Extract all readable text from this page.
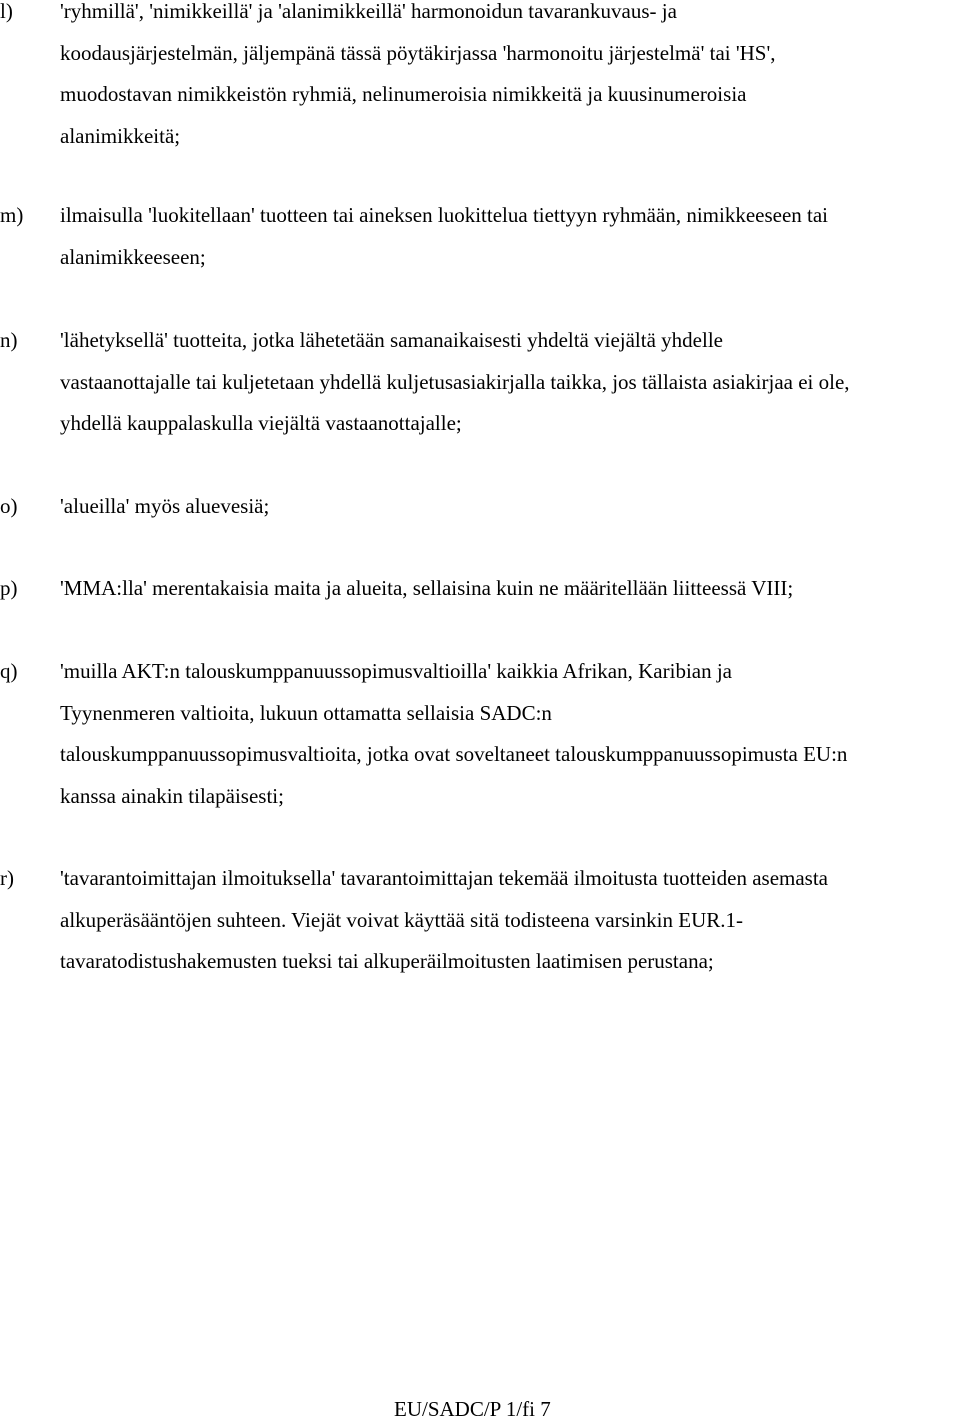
l)	'ryhmillä', 'nimikkeillä' ja 'alanimikkeillä' harmonoidun tavarankuvaus- ja
koodausjärjestelmän, jäljempänä tässä pöytäkirjassa 'harmonoitu järjestelmä' tai 'HS',
muodostavan nimikkeistön ryhmiä, nelinumeroisia nimikkeitä ja kuusinumeroisia
alanimikkeitä;
m)	ilmaisulla 'luokitellaan' tuotteen tai aineksen luokittelua tiettyyn ryhmään, nimikkeeseen tai
alanimikkeeseen;
n)	'lähetyksellä' tuotteita, jotka lähetetään samanaikaisesti yhdeltä viejältä yhdelle
vastaanottajalle tai kuljetetaan yhdellä kuljetusasiakirjalla taikka, jos tällaista asiakirjaa ei ole,
yhdellä kauppalaskulla viejältä vastaanottajalle;
o)	'alueilla' myös aluevesiä;
p)	'MMA:lla' merentakaisia maita ja alueita, sellaisina kuin ne määritellään liitteessä VIII;
q)	'muilla AKT:n talouskumppanuussopimusvaltioilla' kaikkia Afrikan, Karibian ja
Tyynenmeren valtioita, lukuun ottamatta sellaisia SADC:n
talouskumppanuussopimusvaltioita, jotka ovat soveltaneet talouskumppanuussopimusta EU:n
kanssa ainakin tilapäisesti;
r)	'tavarantoimittajan ilmoituksella' tavarantoimittajan tekemää ilmoitusta tuotteiden asemasta
alkuperäsääntöjen suhteen. Viejät voivat käyttää sitä todisteena varsinkin EUR.1-
tavaratodistushakemusten tueksi tai alkuperäilmoitusten laatimisen perustana;
EU/SADC/P 1/fi 7
